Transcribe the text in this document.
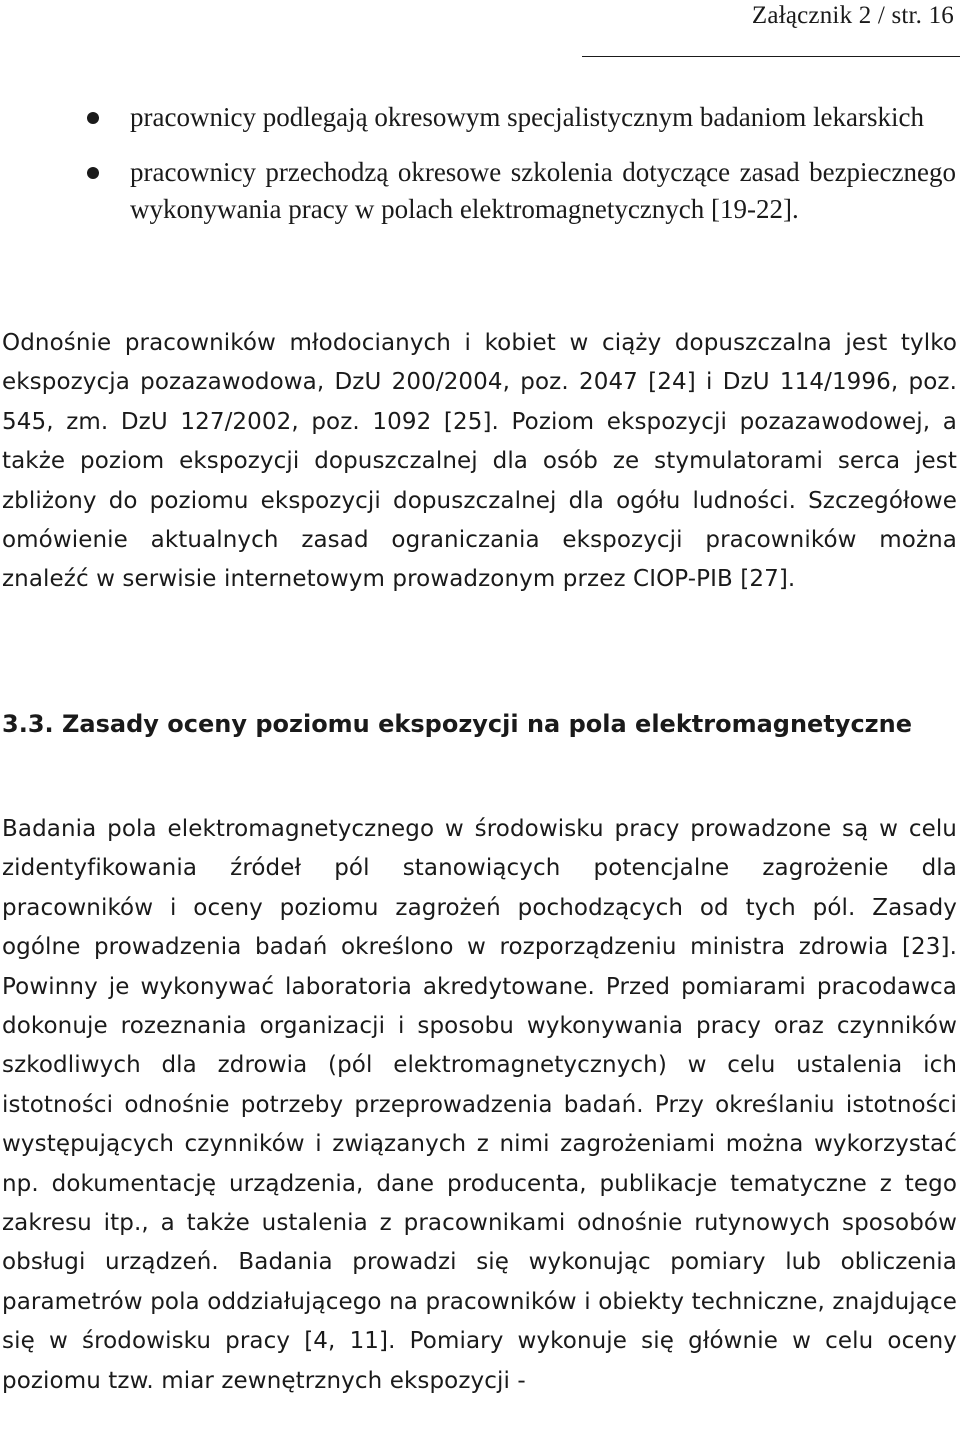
Załącznik 2 / str. 16
pracownicy podlegają okresowym specjalistycznym badaniom lekarskich
pracownicy przechodzą okresowe szkolenia dotyczące zasad bezpiecznego wykonywania pracy w polach elektromagnetycznych [19-22].

Odnośnie pracowników młodocianych i kobiet w ciąży dopuszczalna jest tylko ekspozycja pozazawodowa, DzU 200/2004, poz. 2047 [24] i DzU 114/1996, poz. 545, zm. DzU 127/2002, poz. 1092 [25]. Poziom ekspozycji pozazawodowej, a także poziom ekspozycji dopuszczalnej dla osób ze stymulatorami serca jest zbliżony do poziomu ekspozycji dopuszczalnej dla ogółu ludności. Szczegółowe omówienie aktualnych zasad ograniczania ekspozycji pracowników można znaleźć w serwisie internetowym prowadzonym przez CIOP-PIB [27].

3.3. Zasady oceny poziomu ekspozycji na pola elektromagnetyczne

Badania pola elektromagnetycznego w środowisku pracy prowadzone są w celu zidentyfikowania źródeł pól stanowiących potencjalne zagrożenie dla pracowników i oceny poziomu zagrożeń pochodzących od tych pól. Zasady ogólne prowadzenia badań określono w rozporządzeniu ministra zdrowia [23]. Powinny je wykonywać laboratoria akredytowane. Przed pomiarami pracodawca dokonuje rozeznania organizacji i sposobu wykonywania pracy oraz czynników szkodliwych dla zdrowia (pól elektromagnetycznych) w celu ustalenia ich istotności odnośnie potrzeby przeprowadzenia badań. Przy określaniu istotności występujących czynników i związanych z nimi zagrożeniami można wykorzystać np. dokumentację urządzenia, dane producenta, publikacje tematyczne z tego zakresu itp., a także ustalenia z pracownikami odnośnie rutynowych sposobów obsługi urządzeń. Badania prowadzi się wykonując pomiary lub obliczenia parametrów pola oddziałującego na pracowników i obiekty techniczne, znajdujące się w środowisku pracy [4, 11]. Pomiary wykonuje się głównie w celu oceny poziomu tzw. miar zewnętrznych ekspozycji -
